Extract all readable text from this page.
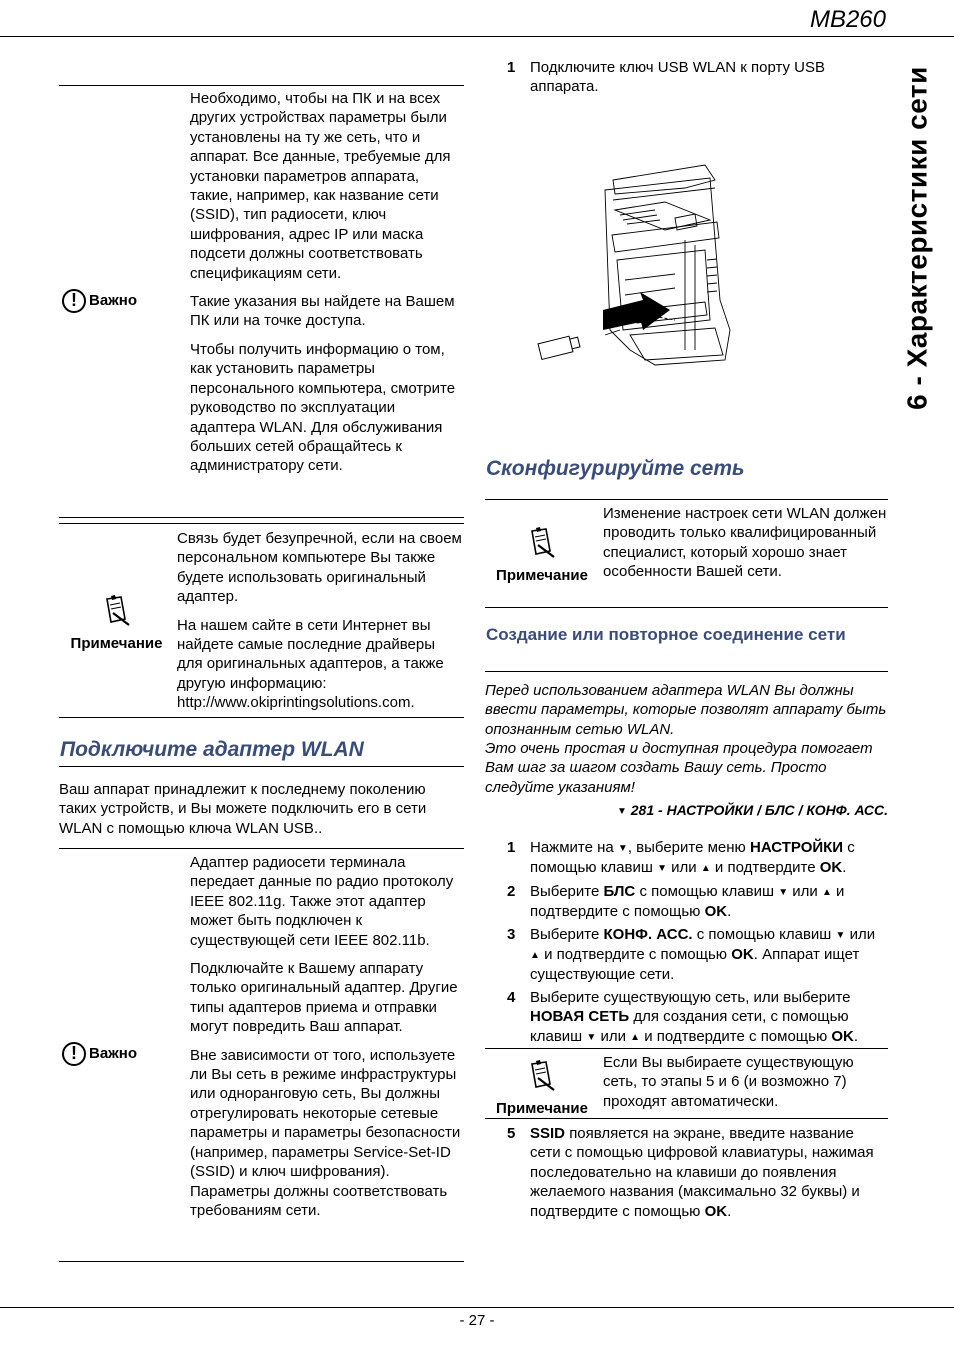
MB260
6 - Характеристики сети
! Важно

Необходимо, чтобы на ПК и на всех других устройствах параметры были установлены на ту же сеть, что и аппарат. Все данные, требуемые для установки параметров аппарата, такие, например, как название сети (SSID), тип радиосети, ключ шифрования, адрес IP или маска подсети должны соответствовать спецификациям сети.

Такие указания вы найдете на Вашем ПК или на точке доступа.

Чтобы получить информацию о том, как установить параметры персонального компьютера, смотрите руководство по эксплуатации адаптера WLAN. Для обслуживания больших сетей обращайтесь к администратору сети.

Примечание

Связь будет безупречной, если на своем персональном компьютере Вы также будете использовать оригинальный адаптер.

На нашем сайте в сети Интернет вы найдете самые последние драйверы для оригинальных адаптеров, а также другую информацию: http://www.okiprintingsolutions.com.

Подключите адаптер WLAN

Ваш аппарат принадлежит к последнему поколению таких устройств, и Вы можете подключить его в сети WLAN с помощью ключа WLAN USB..

! Важно

Адаптер радиосети терминала передает данные по радио протоколу IEEE 802.11g. Также этот адаптер может быть подключен к существующей сети IEEE 802.11b.

Подключайте к Вашему аппарату только оригинальный адаптер. Другие типы адаптеров приема и отправки могут повредить Ваш аппарат.

Вне зависимости от того, используете ли Вы сеть в режиме инфраструктуры или одноранговую сеть, Вы должны отрегулировать некоторые сетевые параметры и параметры безопасности (например, параметры Service-Set-ID (SSID) и ключ шифрования). Параметры должны соответствовать требованиям сети.

1 Подключите ключ USB WLAN к порту USB аппарата.
Сконфигурируйте сеть
Примечание

Изменение настроек сети WLAN должен проводить только квалифицированный специалист, который хорошо знает особенности Вашей сети.

Создание или повторное соединение сети

Перед использованием адаптера WLAN Вы должны ввести параметры, которые позволят аппарату быть опознанным сетью WLAN.

Это очень простая и доступная процедура помогает Вам шаг за шагом создать Вашу сеть. Просто следуйте указаниям!

▼ 281 - НАСТРОЙКИ / БЛС / КОНФ. АСС.
1 Нажмите на ▼, выберите меню НАСТРОЙКИ с помощью клавиш ▼ или ▲ и подтвердите OK.
2 Выберите БЛС с помощью клавиш ▼ или ▲ и подтвердите с помощью OK.
3 Выберите КОНФ. АСС. с помощью клавиш ▼ или ▲ и подтвердите с помощью OK. Аппарат ищет существующие сети.
4 Выберите существующую сеть, или выберите НОВАЯ СЕТЬ для создания сети, с помощью клавиш ▼ или ▲ и подтвердите с помощью OK.
Примечание

Если Вы выбираете существующую сеть, то этапы 5 и 6 (и возможно 7) проходят автоматически.

5 SSID появляется на экране, введите название сети с помощью цифровой клавиатуры, нажимая последовательно на клавиши до появления желаемого названия (максимально 32 буквы) и подтвердите с помощью OK.
- 27 -
